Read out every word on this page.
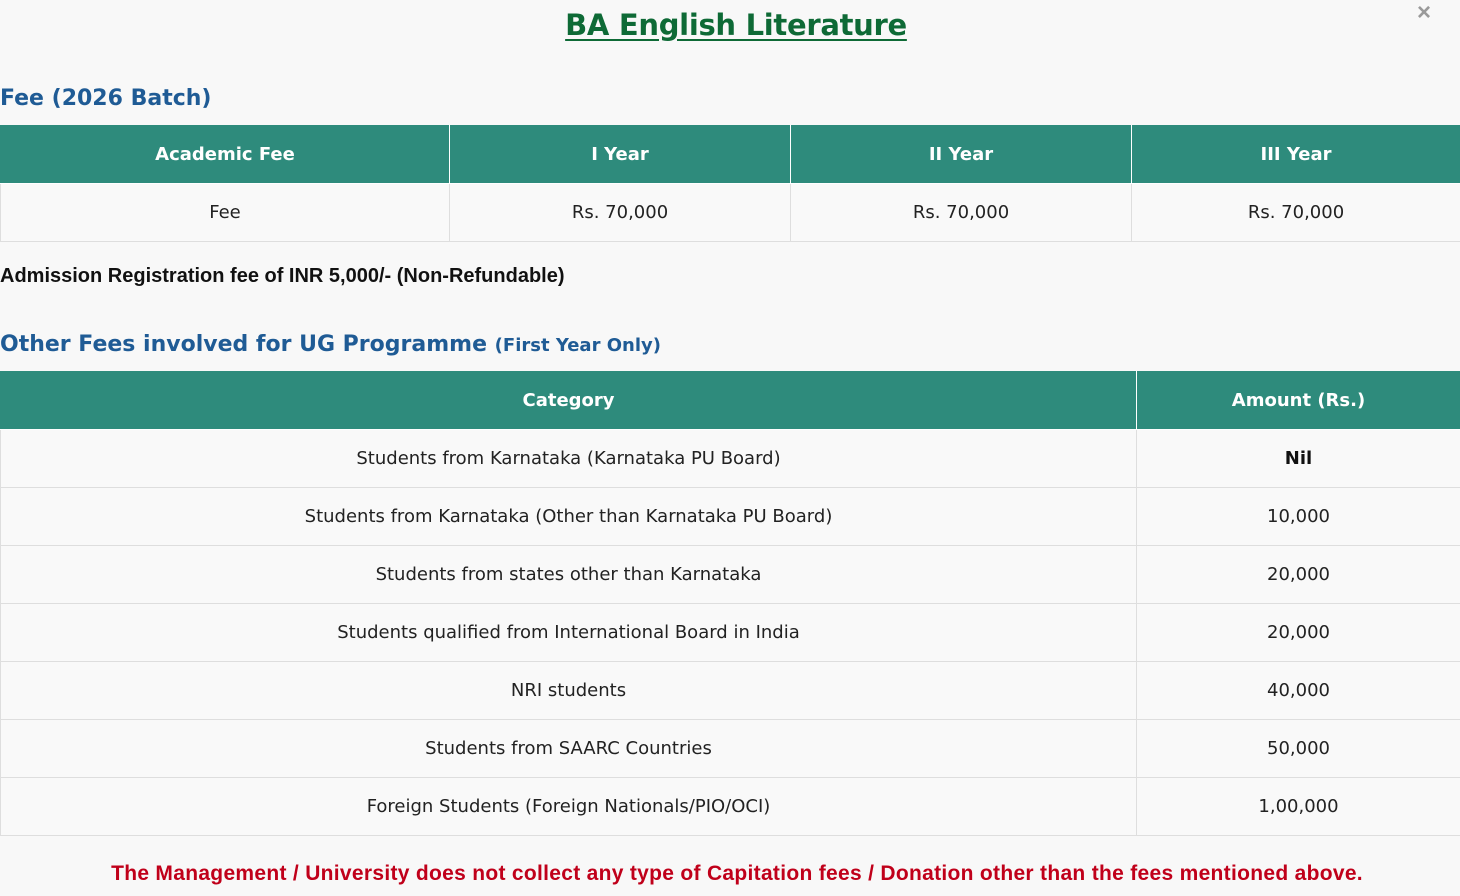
×
BA English Literature
Fee (2026 Batch)
Academic Fee	I Year	II Year	III Year
Fee	Rs. 70,000	Rs. 70,000	Rs. 70,000

Admission Registration fee of INR 5,000/- (Non-Refundable)

Other Fees involved for UG Programme (First Year Only)
Category	Amount (Rs.)
Students from Karnataka (Karnataka PU Board)	Nil
Students from Karnataka (Other than Karnataka PU Board)	10,000
Students from states other than Karnataka	20,000
Students qualified from International Board in India	20,000
NRI students	40,000
Students from SAARC Countries	50,000
Foreign Students (Foreign Nationals/PIO/OCI)	1,00,000

The Management / University does not collect any type of Capitation fees / Donation other than the fees mentioned above.
